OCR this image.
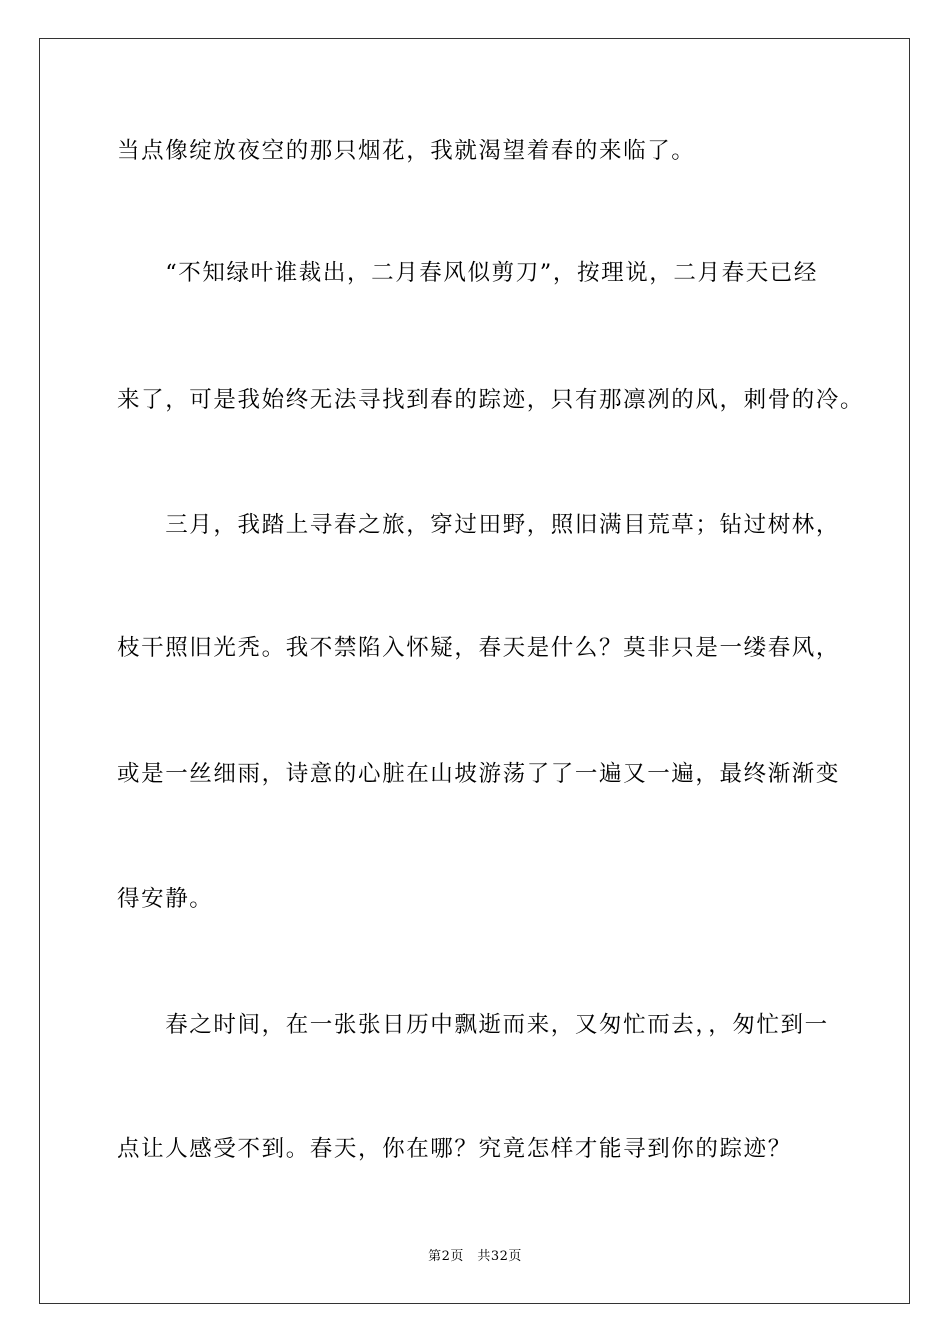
当点像绽放夜空的那只烟花，我就渴望着春的来临了。
　　“不知绿叶谁裁出，二月春风似剪刀”，按理说，二月春天已经
来了，可是我始终无法寻找到春的踪迹，只有那凛冽的风，刺骨的冷。
　　三月，我踏上寻春之旅，穿过田野，照旧满目荒草；钻过树林，
枝干照旧光秃。我不禁陷入怀疑，春天是什么？莫非只是一缕春风，
或是一丝细雨，诗意的心脏在山坡游荡了了一遍又一遍，最终渐渐变
得安静。
　　春之时间，在一张张日历中飘逝而来，又匆忙而去，，匆忙到一
点让人感受不到。春天，你在哪？究竟怎样才能寻到你的踪迹？
第2页　共32页
